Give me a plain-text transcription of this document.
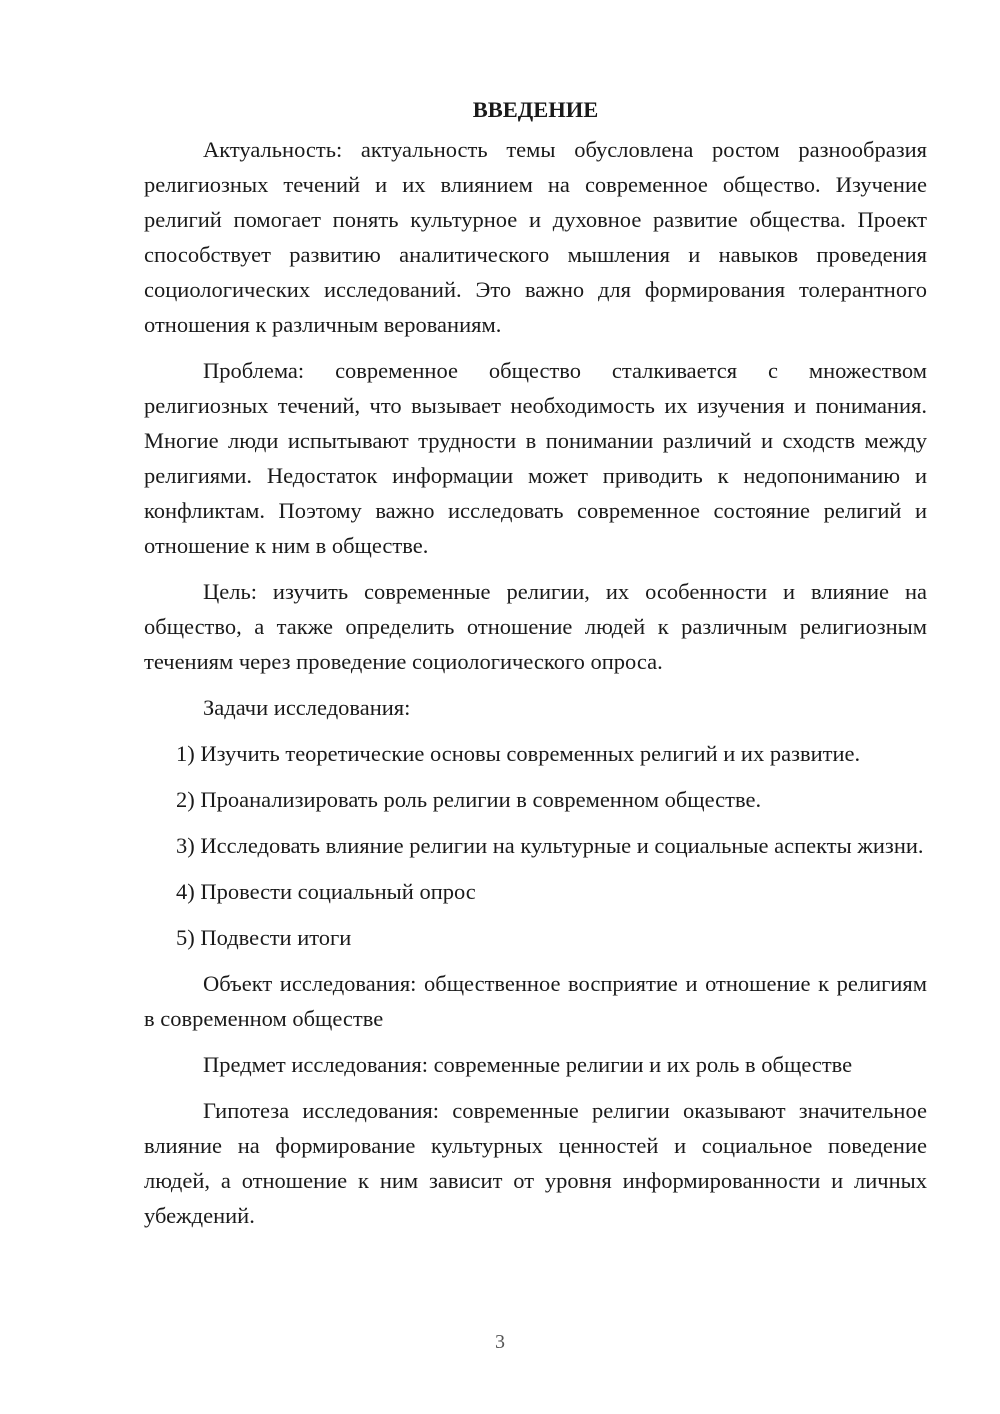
ВВЕДЕНИЕ

Актуальность: актуальность темы обусловлена ростом разнообразия религиозных течений и их влиянием на современное общество. Изучение религий помогает понять культурное и духовное развитие общества. Проект способствует развитию аналитического мышления и навыков проведения социологических исследований. Это важно для формирования толерантного отношения к различным верованиям.

Проблема: современное общество сталкивается с множеством религиозных течений, что вызывает необходимость их изучения и понимания. Многие люди испытывают трудности в понимании различий и сходств между религиями. Недостаток информации может приводить к недопониманию и конфликтам. Поэтому важно исследовать современное состояние религий и отношение к ним в обществе.

Цель: изучить современные религии, их особенности и влияние на общество, а также определить отношение людей к различным религиозным течениям через проведение социологического опроса.

Задачи исследования:

1) Изучить теоретические основы современных религий и их развитие.

2) Проанализировать роль религии в современном обществе.

3) Исследовать влияние религии на культурные и социальные аспекты жизни.

4) Провести социальный опрос

5) Подвести итоги

Объект исследования: общественное восприятие и отношение к религиям в современном обществе

Предмет исследования: современные религии и их роль в обществе

Гипотеза исследования: современные религии оказывают значительное влияние на формирование культурных ценностей и социальное поведение людей, а отношение к ним зависит от уровня информированности и личных убеждений.

3
